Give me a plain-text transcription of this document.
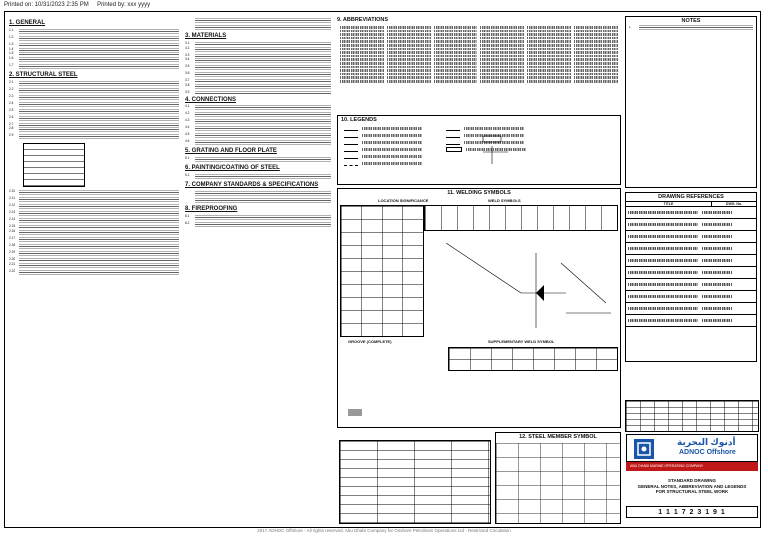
Printed on: 10/31/2023 2:35 PM Printed by: xxx yyyy
1. GENERAL
1.1
1.2
1.3
1.4
1.5
1.6
1.7
2. STRUCTURAL STEEL
2.1
2.2
2.3
2.4
2.5
2.6
2.7
2.8
2.9
2.10
2.11
2.12
2.13
2.14
2.15
2.16
2.17
2.18
2.19
2.20
2.21
2.22
3. MATERIALS
3.1
3.2
3.3
3.4
3.5
3.6
3.7
3.8
3.9
4. CONNECTIONS
4.1
4.2
4.3
4.4
4.5
4.6
5. GRATING AND FLOOR PLATE
5.1
6. PAINTING/COATING OF STEEL
6.1
7. COMPANY STANDARDS & SPECIFICATIONS
8. FIREPROOFING
8.1
8.2
9. ABBREVIATIONS
10. LEGENDS
11. WELDING SYMBOLS
LOCATION SIGNIFICANCE	WELD SYMBOLS
GROOVE (COMPLETE)	SUPPLEMENTARY WELD SYMBOL
12. STEEL MEMBER SYMBOL
NOTES
1.
DRAWING REFERENCES
TITLE	DWG. No.
أدنوك البحرية
ADNOC Offshore
ABU DHABI MARINE OPERATING COMPANY
STANDARD DRAWING
GENERAL NOTES, ABBREVIATION AND LEGENDS
FOR STRUCTURAL STEEL WORK
1 1 1 7 2 3 1 9 1
2017 ADNOC Offshore - All rights reserved. Abu Dhabi Company for Onshore Petroleum Operations Ltd - Restricted Circulation
